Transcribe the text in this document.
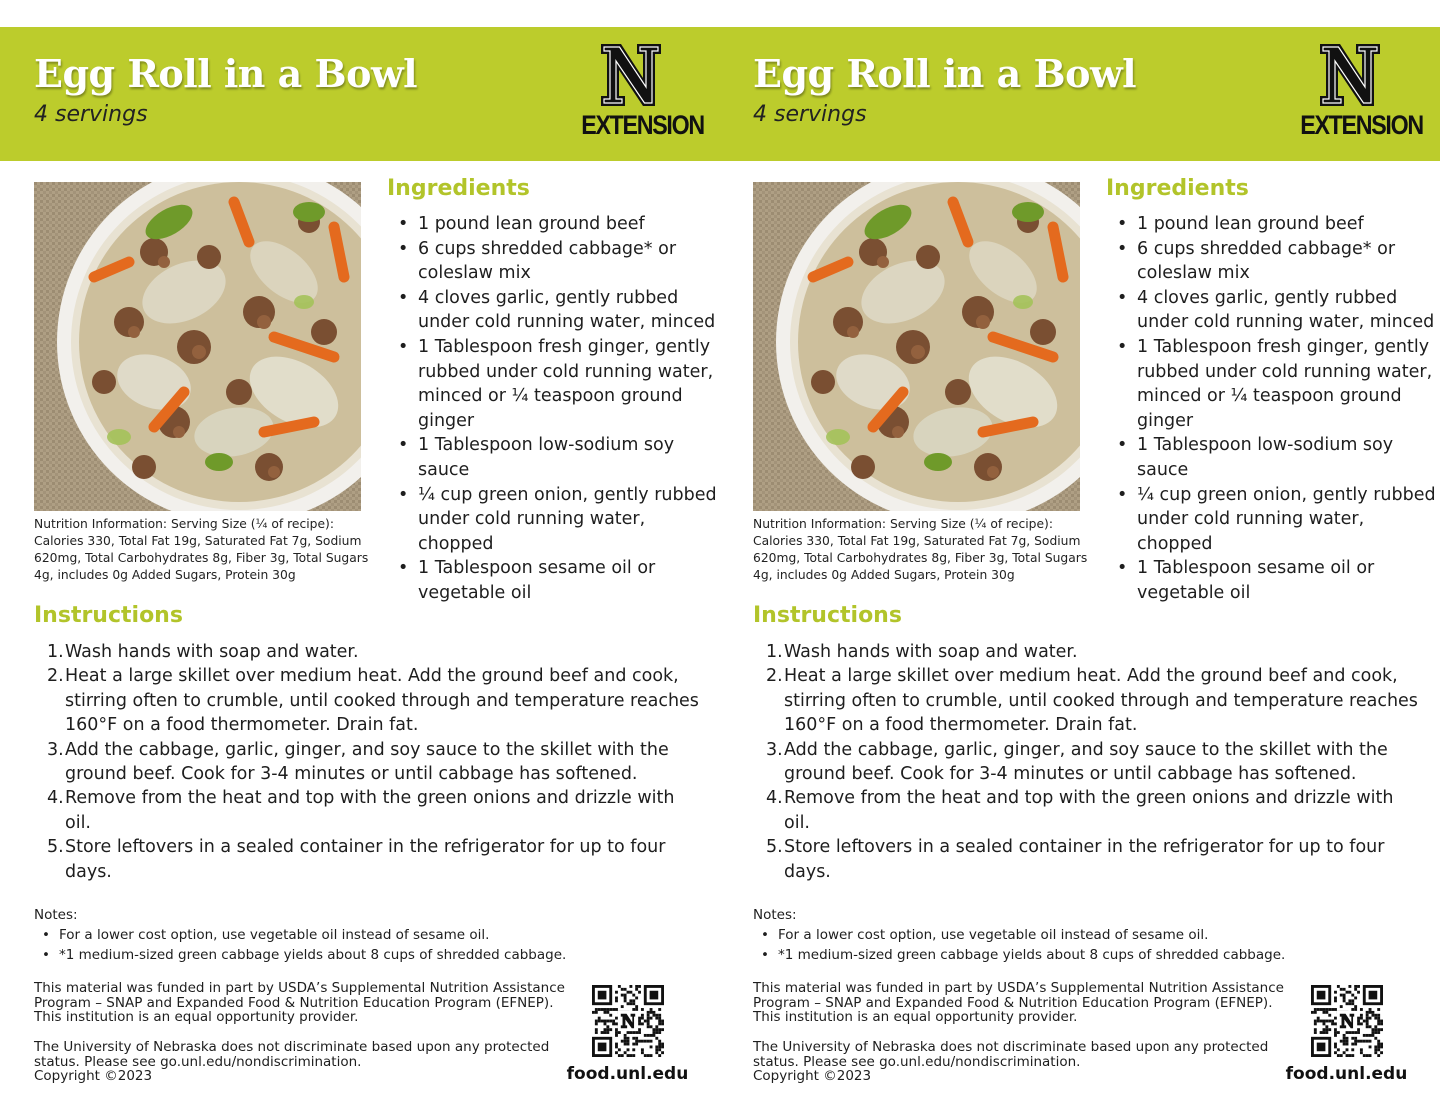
Egg Roll in a Bowl
4 servings	EXTENSION
Nutrition Information: Serving Size (¼ of recipe): Calories 330, Total Fat 19g, Saturated Fat 7g, Sodium 620mg, Total Carbohydrates 8g, Fiber 3g, Total Sugars 4g, includes 0g Added Sugars, Protein 30g
Ingredients
• 1 pound lean ground beef
• 6 cups shredded cabbage* or coleslaw mix
• 4 cloves garlic, gently rubbed under cold running water, minced
• 1 Tablespoon fresh ginger, gently rubbed under cold running water, minced or ¼ teaspoon ground ginger
• 1 Tablespoon low-sodium soy sauce
• ¼ cup green onion, gently rubbed under cold running water, chopped
• 1 Tablespoon sesame oil or vegetable oil
Instructions
1. Wash hands with soap and water.
2. Heat a large skillet over medium heat. Add the ground beef and cook, stirring often to crumble, until cooked through and temperature reaches 160°F on a food thermometer. Drain fat.
3. Add the cabbage, garlic, ginger, and soy sauce to the skillet with the ground beef. Cook for 3-4 minutes or until cabbage has softened.
4. Remove from the heat and top with the green onions and drizzle with oil.
5. Store leftovers in a sealed container in the refrigerator for up to four days.
Notes:
• For a lower cost option, use vegetable oil instead of sesame oil.
• *1 medium-sized green cabbage yields about 8 cups of shredded cabbage.
This material was funded in part by USDA’s Supplemental Nutrition Assistance Program – SNAP and Expanded Food & Nutrition Education Program (EFNEP). This institution is an equal opportunity provider.
The University of Nebraska does not discriminate based upon any protected status. Please see go.unl.edu/nondiscrimination.
Copyright ©2023	food.unl.edu
Egg Roll in a Bowl
4 servings	EXTENSION
Nutrition Information: Serving Size (¼ of recipe): Calories 330, Total Fat 19g, Saturated Fat 7g, Sodium 620mg, Total Carbohydrates 8g, Fiber 3g, Total Sugars 4g, includes 0g Added Sugars, Protein 30g
Ingredients
• 1 pound lean ground beef
• 6 cups shredded cabbage* or coleslaw mix
• 4 cloves garlic, gently rubbed under cold running water, minced
• 1 Tablespoon fresh ginger, gently rubbed under cold running water, minced or ¼ teaspoon ground ginger
• 1 Tablespoon low-sodium soy sauce
• ¼ cup green onion, gently rubbed under cold running water, chopped
• 1 Tablespoon sesame oil or vegetable oil
Instructions
1. Wash hands with soap and water.
2. Heat a large skillet over medium heat. Add the ground beef and cook, stirring often to crumble, until cooked through and temperature reaches 160°F on a food thermometer. Drain fat.
3. Add the cabbage, garlic, ginger, and soy sauce to the skillet with the ground beef. Cook for 3-4 minutes or until cabbage has softened.
4. Remove from the heat and top with the green onions and drizzle with oil.
5. Store leftovers in a sealed container in the refrigerator for up to four days.
Notes:
• For a lower cost option, use vegetable oil instead of sesame oil.
• *1 medium-sized green cabbage yields about 8 cups of shredded cabbage.
This material was funded in part by USDA’s Supplemental Nutrition Assistance Program – SNAP and Expanded Food & Nutrition Education Program (EFNEP). This institution is an equal opportunity provider.
The University of Nebraska does not discriminate based upon any protected status. Please see go.unl.edu/nondiscrimination.
Copyright ©2023	food.unl.edu
